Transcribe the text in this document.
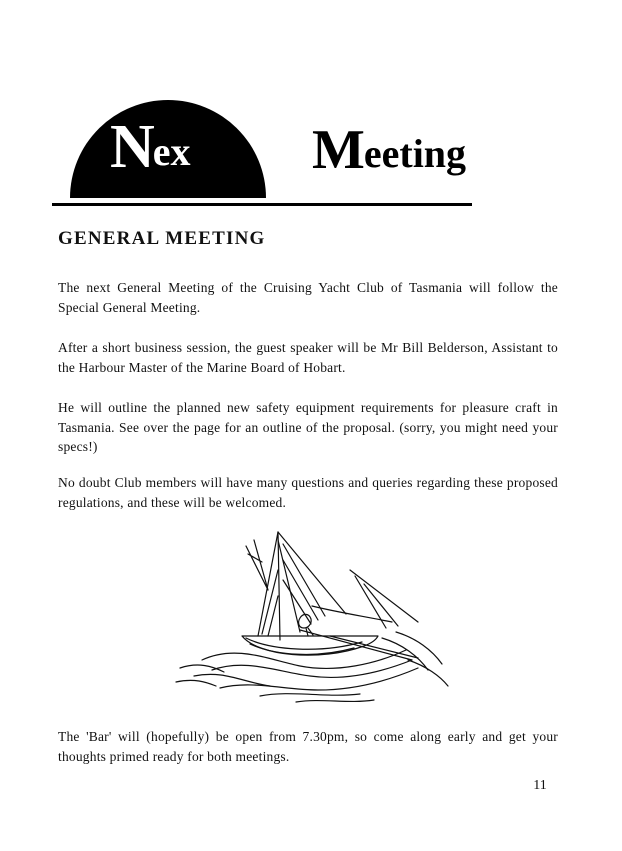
Next Meeting
GENERAL MEETING
The next General Meeting of the Cruising Yacht Club of Tasmania will follow the Special General Meeting.
After a short business session, the guest speaker will be Mr Bill Belderson, Assistant to the Harbour Master of the Marine Board of Hobart.
He will outline the planned new safety equipment requirements for pleasure craft in Tasmania. See over the page for an outline of the proposal. (sorry, you might need your specs!)
No doubt Club members will have many questions and queries regarding these proposed regulations, and these will be welcomed.
The 'Bar' will (hopefully) be open from 7.30pm, so come along early and get your thoughts primed ready for both meetings.
11
